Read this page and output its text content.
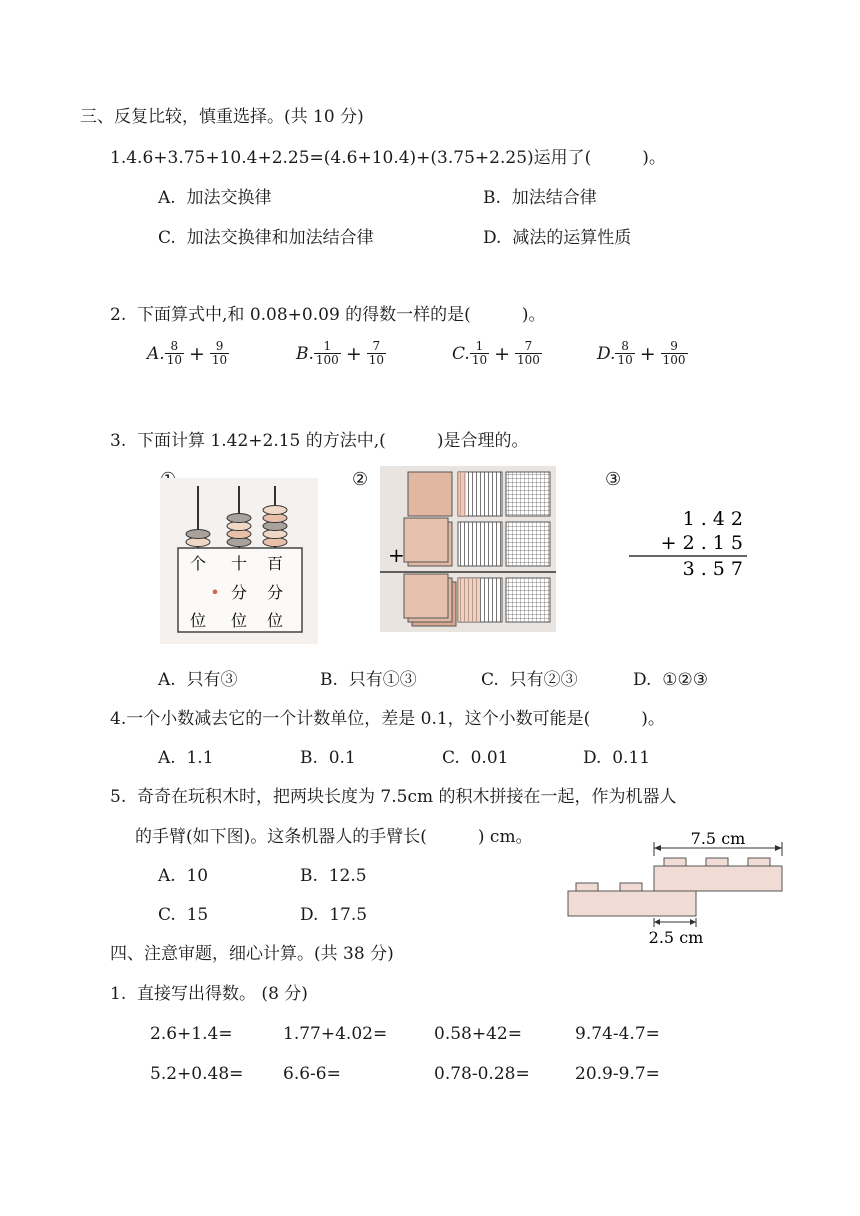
三、反复比较，慎重选择。(共 10 分)
1.4.6+3.75+10.4+2.25=(4.6+10.4)+(3.75+2.25)运用了(　　　)。
A.  加法交换律	B.  加法结合律
C.  加法交换律和加法结合律	D.  减法的运算性质
2.  下面算式中,和 0.08+0.09 的得数一样的是(　　　)。
A. $\frac{8}{10} + \frac{9}{10}$	B. $\frac{1}{100} + \frac{7}{10}$	C. $\frac{1}{10} + \frac{7}{100}$	D. $\frac{8}{10} + \frac{9}{100}$
3.  下面计算 1.42+2.15 的方法中,(　　　)是合理的。
②	③
个 十 百
• 分 分
位 位 位
+
1 . 4 2
+ 2 . 1 5
3 . 5 7
A.  只有③	B.  只有①③	C.  只有②③	D.  ①②③
4.一个小数减去它的一个计数单位，差是 0.1，这个小数可能是(　　　)。
A.  1.1	B.  0.1	C.  0.01	D.  0.11
5.  奇奇在玩积木时，把两块长度为 7.5cm 的积木拼接在一起，作为机器人
的手臂(如下图)。这条机器人的手臂长(　　　) cm。
A.  10	B.  12.5
C.  15	D.  17.5
7.5 cm
2.5 cm
四、注意审题，细心计算。(共 38 分)
1.  直接写出得数。 (8 分)
2.6+1.4=	1.77+4.02=	0.58+42=	9.74-4.7=
5.2+0.48= 6.6-6=	0.78-0.28=	20.9-9.7=
